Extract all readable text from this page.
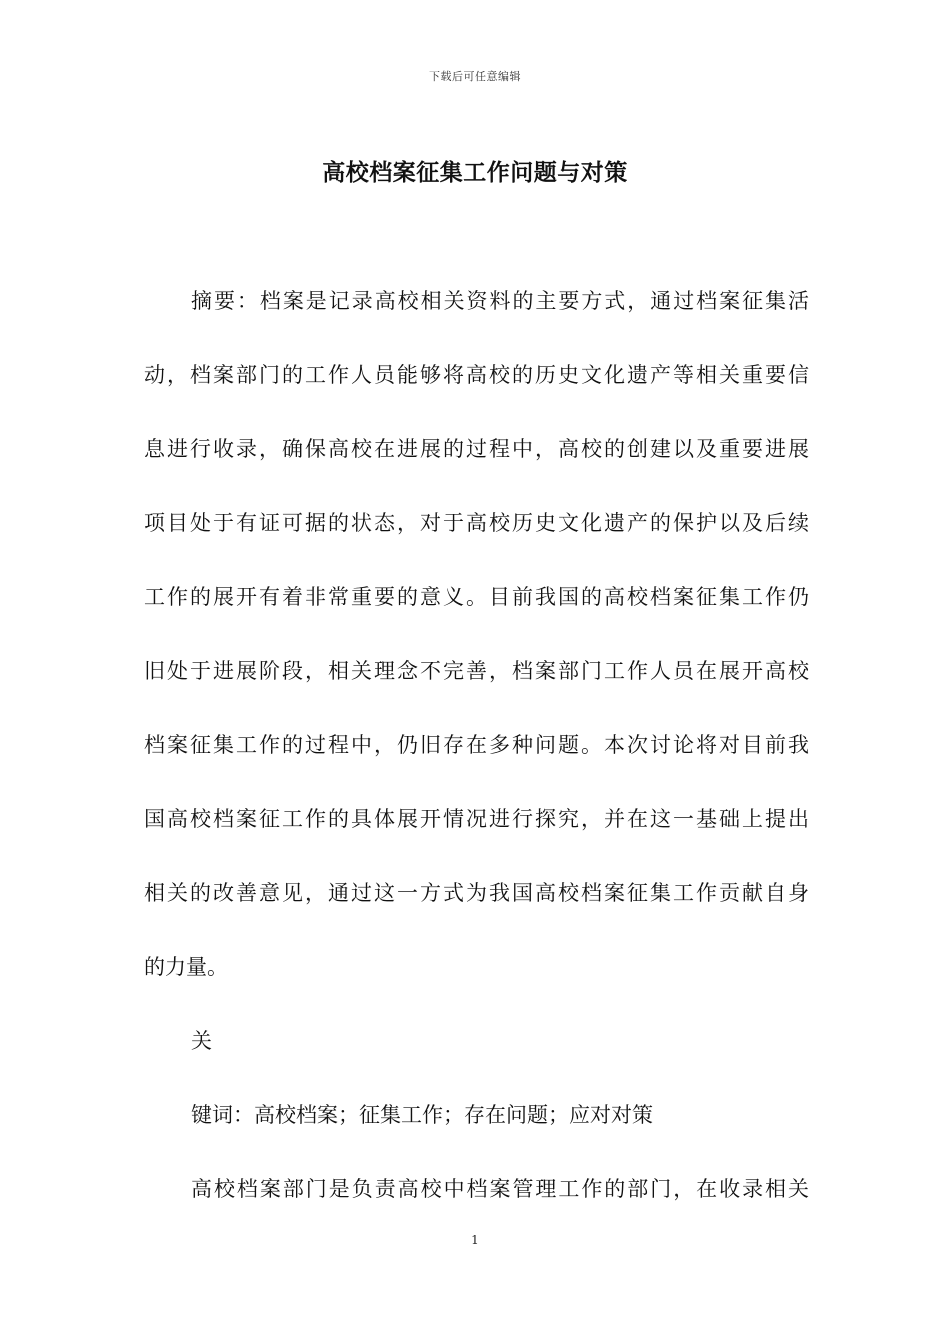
下载后可任意编辑
高校档案征集工作问题与对策
摘要：档案是记录高校相关资料的主要方式，通过档案征集活
动，档案部门的工作人员能够将高校的历史文化遗产等相关重要信
息进行收录，确保高校在进展的过程中，高校的创建以及重要进展
项目处于有证可据的状态，对于高校历史文化遗产的保护以及后续
工作的展开有着非常重要的意义。目前我国的高校档案征集工作仍
旧处于进展阶段，相关理念不完善，档案部门工作人员在展开高校
档案征集工作的过程中，仍旧存在多种问题。本次讨论将对目前我
国高校档案征工作的具体展开情况进行探究，并在这一基础上提出
相关的改善意见，通过这一方式为我国高校档案征集工作贡献自身
的力量。
关
键词：高校档案；征集工作；存在问题；应对对策
高校档案部门是负责高校中档案管理工作的部门，在收录相关
1
